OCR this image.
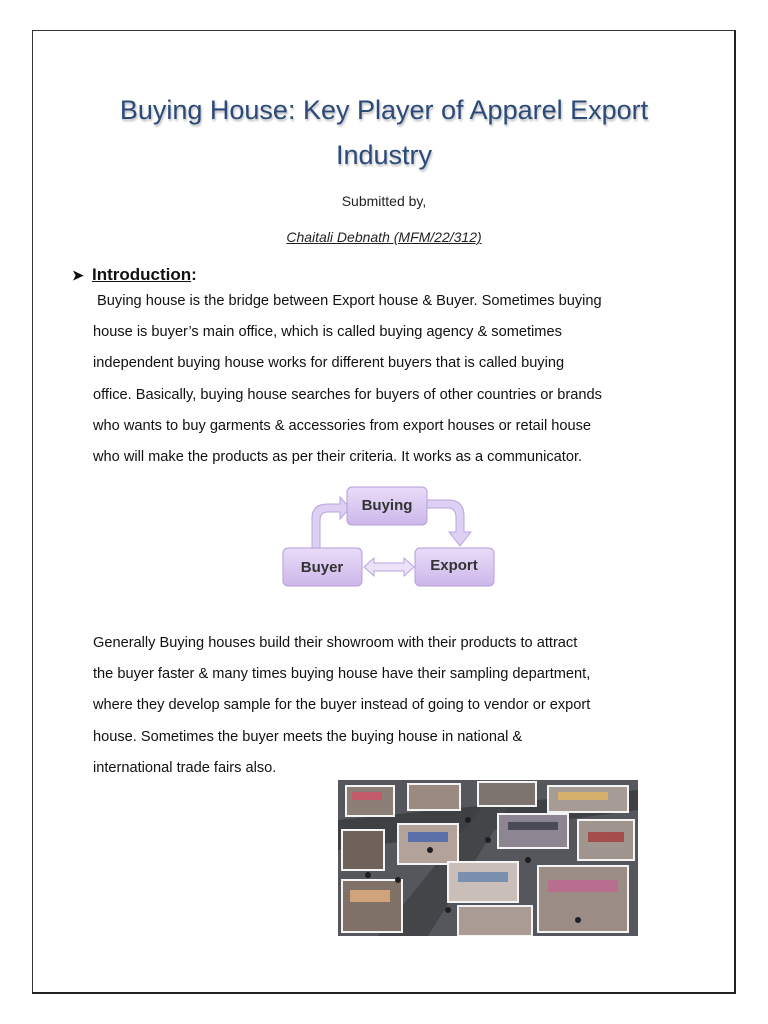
Buying House: Key Player of Apparel Export
Industry
Submitted by,
Chaitali Debnath (MFM/22/312)
➤ Introduction:
Buying house is the bridge between Export house & Buyer. Sometimes buying
house is buyer’s main office, which is called buying agency & sometimes
independent buying house works for different buyers that is called buying
office. Basically, buying house searches for buyers of other countries or brands
who wants to buy garments & accessories from export houses or retail house
who will make the products as per their criteria. It works as a communicator.
Buying
Buyer	Export
Generally Buying houses build their showroom with their products to attract
the buyer faster & many times buying house have their sampling department,
where they develop sample for the buyer instead of going to vendor or export
house. Sometimes the buyer meets the buying house in national &
international trade fairs also.
